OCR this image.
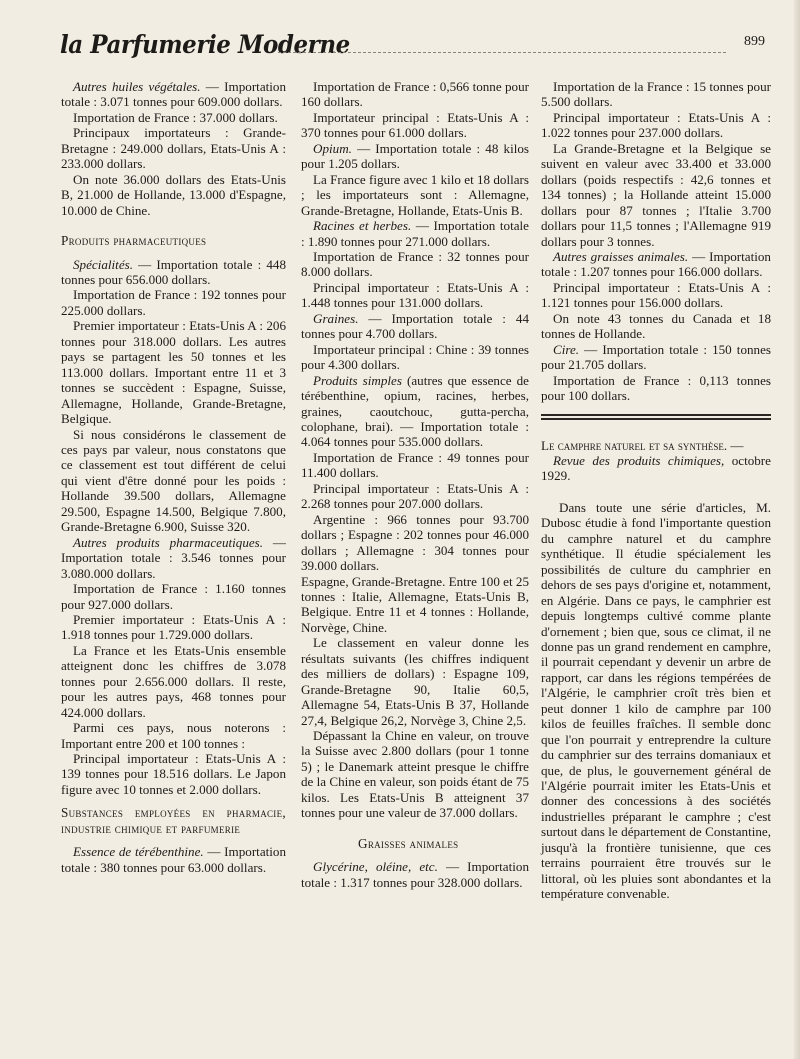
la Parfumerie Moderne	899

Autres huiles végétales. — Importation totale : 3.071 tonnes pour 609.000 dollars.

Importation de France : 37.000 dollars.

Principaux importateurs : Grande-Bretagne : 249.000 dollars, Etats-Unis A : 233.000 dollars.

On note 36.000 dollars des Etats-Unis B, 21.000 de Hollande, 13.000 d'Espagne, 10.000 de Chine.

Produits pharmaceutiques

Spécialités. — Importation totale : 448 tonnes pour 656.000 dollars.

Importation de France : 192 tonnes pour 225.000 dollars.

Premier importateur : Etats-Unis A : 206 tonnes pour 318.000 dollars. Les autres pays se partagent les 50 tonnes et les 113.000 dollars. Important entre 11 et 3 tonnes se succèdent : Espagne, Suisse, Allemagne, Hollande, Grande-Bretagne, Belgique.

Si nous considérons le classement de ces pays par valeur, nous constatons que ce classement est tout différent de celui qui vient d'être donné pour les poids : Hollande 39.500 dollars, Allemagne 29.500, Espagne 14.500, Belgique 7.800, Grande-Bretagne 6.900, Suisse 320.

Autres produits pharmaceutiques. — Importation totale : 3.546 tonnes pour 3.080.000 dollars.

Importation de France : 1.160 tonnes pour 927.000 dollars.

Premier importateur : Etats-Unis A : 1.918 tonnes pour 1.729.000 dollars.

La France et les Etats-Unis ensemble atteignent donc les chiffres de 3.078 tonnes pour 2.656.000 dollars. Il reste, pour les autres pays, 468 tonnes pour 424.000 dollars.

Parmi ces pays, nous noterons : Important entre 200 et 100 tonnes :

Principal importateur : Etats-Unis A : 139 tonnes pour 18.516 dollars. Le Japon figure avec 10 tonnes et 2.000 dollars.

Substances employées en pharmacie, industrie chimique et parfumerie

Essence de térébenthine. — Importation totale : 380 tonnes pour 63.000 dollars.

Importation de France : 0,566 tonne pour 160 dollars.

Importateur principal : Etats-Unis A : 370 tonnes pour 61.000 dollars.

Opium. — Importation totale : 48 kilos pour 1.205 dollars.

La France figure avec 1 kilo et 18 dollars ; les importateurs sont : Allemagne, Grande-Bretagne, Hollande, Etats-Unis B.

Racines et herbes. — Importation totale : 1.890 tonnes pour 271.000 dollars.

Importation de France : 32 tonnes pour 8.000 dollars.

Principal importateur : Etats-Unis A : 1.448 tonnes pour 131.000 dollars.

Graines. — Importation totale : 44 tonnes pour 4.700 dollars.

Importateur principal : Chine : 39 tonnes pour 4.300 dollars.

Produits simples (autres que essence de térébenthine, opium, racines, herbes, graines, caoutchouc, gutta-percha, colophane, brai). — Importation totale : 4.064 tonnes pour 535.000 dollars.

Importation de France : 49 tonnes pour 11.400 dollars.

Principal importateur : Etats-Unis A : 2.268 tonnes pour 207.000 dollars.

Argentine : 966 tonnes pour 93.700 dollars ; Espagne : 202 tonnes pour 46.000 dollars ; Allemagne : 304 tonnes pour 39.000 dollars.

Espagne, Grande-Bretagne. Entre 100 et 25 tonnes : Italie, Allemagne, Etats-Unis B, Belgique. Entre 11 et 4 tonnes : Hollande, Norvège, Chine.

Le classement en valeur donne les résultats suivants (les chiffres indiquent des milliers de dollars) : Espagne 109, Grande-Bretagne 90, Italie 60,5, Allemagne 54, Etats-Unis B 37, Hollande 27,4, Belgique 26,2, Norvège 3, Chine 2,5.

Dépassant la Chine en valeur, on trouve la Suisse avec 2.800 dollars (pour 1 tonne 5) ; le Danemark atteint presque le chiffre de la Chine en valeur, son poids étant de 75 kilos. Les Etats-Unis B atteignent 37 tonnes pour une valeur de 37.000 dollars.

Graisses animales

Glycérine, oléine, etc. — Importation totale : 1.317 tonnes pour 328.000 dollars.

Importation de la France : 15 tonnes pour 5.500 dollars.

Principal importateur : Etats-Unis A : 1.022 tonnes pour 237.000 dollars.

La Grande-Bretagne et la Belgique se suivent en valeur avec 33.400 et 33.000 dollars (poids respectifs : 42,6 tonnes et 134 tonnes) ; la Hollande atteint 15.000 dollars pour 87 tonnes ; l'Italie 3.700 dollars pour 11,5 tonnes ; l'Allemagne 919 dollars pour 3 tonnes.

Autres graisses animales. — Importation totale : 1.207 tonnes pour 166.000 dollars.

Principal importateur : Etats-Unis A : 1.121 tonnes pour 156.000 dollars.

On note 43 tonnes du Canada et 18 tonnes de Hollande.

Cire. — Importation totale : 150 tonnes pour 21.705 dollars.

Importation de France : 0,113 tonnes pour 100 dollars.

Le camphre naturel et sa synthèse. —

Revue des produits chimiques, octobre 1929.

Dans toute une série d'articles, M. Dubosc étudie à fond l'importante question du camphre naturel et du camphre synthétique. Il étudie spécialement les possibilités de culture du camphrier en dehors de ses pays d'origine et, notamment, en Algérie. Dans ce pays, le camphrier est depuis longtemps cultivé comme plante d'ornement ; bien que, sous ce climat, il ne donne pas un grand rendement en camphre, il pourrait cependant y devenir un arbre de rapport, car dans les régions tempérées de l'Algérie, le camphrier croît très bien et peut donner 1 kilo de camphre par 100 kilos de feuilles fraîches. Il semble donc que l'on pourrait y entreprendre la culture du camphrier sur des terrains domaniaux et que, de plus, le gouvernement général de l'Algérie pourrait imiter les Etats-Unis et donner des concessions à des sociétés industrielles préparant le camphre ; c'est surtout dans le département de Constantine, jusqu'à la frontière tunisienne, que ces terrains pourraient être trouvés sur le littoral, où les pluies sont abondantes et la température convenable.
